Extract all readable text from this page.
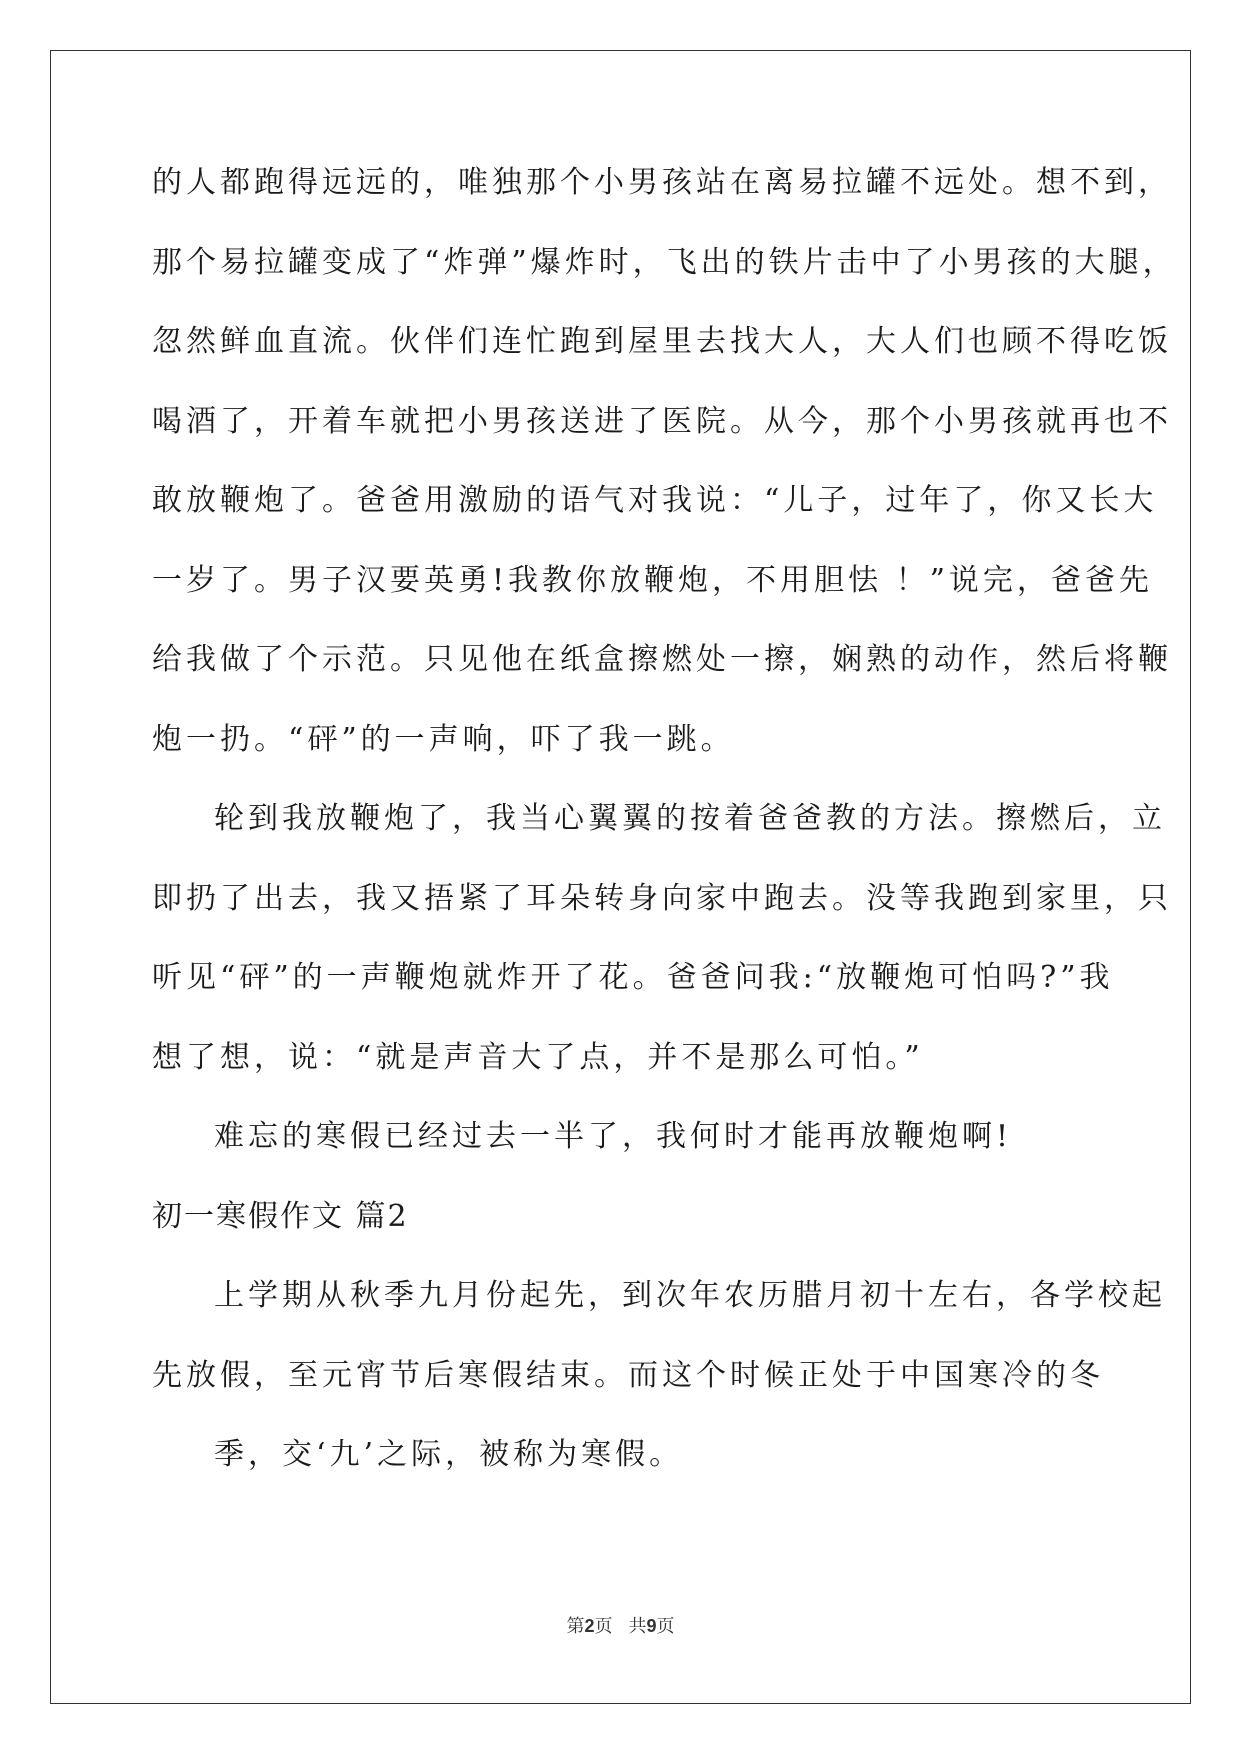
的人都跑得远远的，唯独那个小男孩站在离易拉罐不远处。想不到，
那个易拉罐变成了“炸弹”爆炸时，飞出的铁片击中了小男孩的大腿，
忽然鲜血直流。伙伴们连忙跑到屋里去找大人，大人们也顾不得吃饭
喝酒了，开着车就把小男孩送进了医院。从今，那个小男孩就再也不
敢放鞭炮了。爸爸用激励的语气对我说：“儿子，过年了，你又长大
一岁了。男子汉要英勇!我教你放鞭炮，不用胆怯 ！”说完，爸爸先
给我做了个示范。只见他在纸盒擦燃处一擦，娴熟的动作，然后将鞭
炮一扔。“砰”的一声响，吓了我一跳。
轮到我放鞭炮了，我当心翼翼的按着爸爸教的方法。擦燃后，立
即扔了出去，我又捂紧了耳朵转身向家中跑去。没等我跑到家里，只
听见“砰”的一声鞭炮就炸开了花。爸爸问我:“放鞭炮可怕吗?”我
想了想，说：“就是声音大了点，并不是那么可怕。”
难忘的寒假已经过去一半了，我何时才能再放鞭炮啊!
初一寒假作文 篇2
上学期从秋季九月份起先，到次年农历腊月初十左右，各学校起
先放假，至元宵节后寒假结束。而这个时候正处于中国寒冷的冬
季，交‘九’之际，被称为寒假。
第2页 共9页
